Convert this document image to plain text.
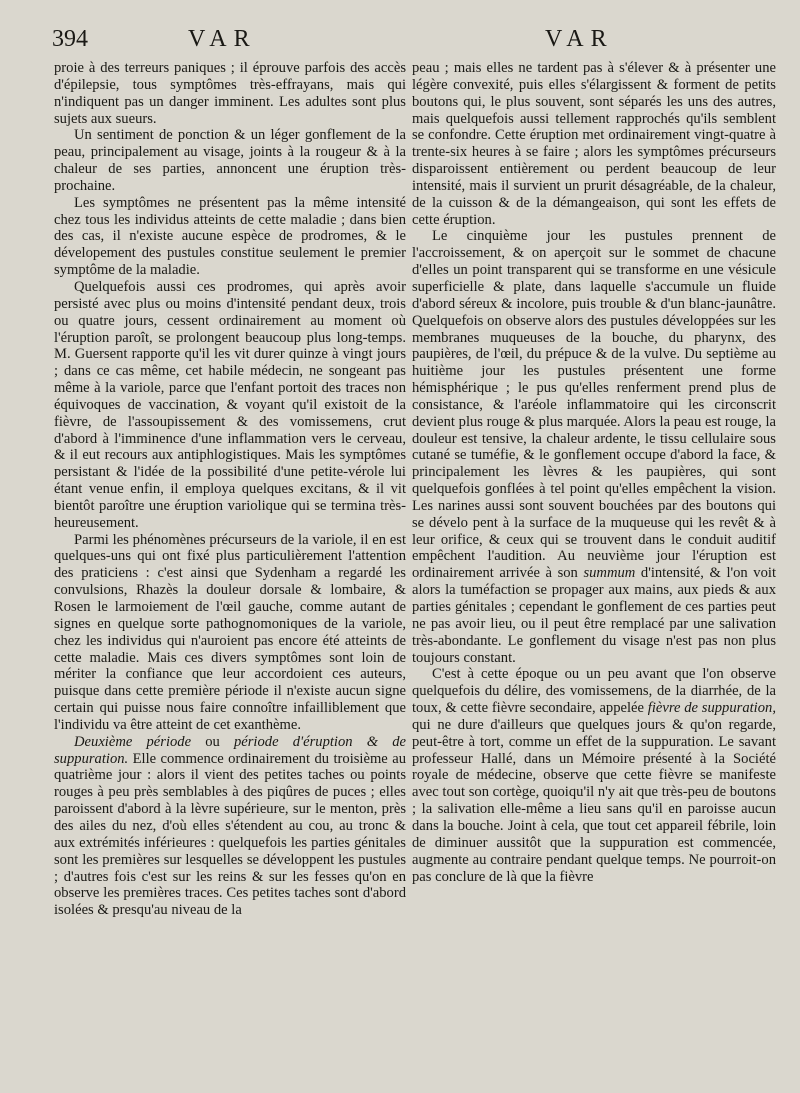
394	VAR	VAR

proie à des terreurs paniques ; il éprouve parfois des accès d'épilepsie, tous symptômes très-effrayans, mais qui n'indiquent pas un danger imminent. Les adultes sont plus sujets aux sueurs.

Un sentiment de ponction & un léger gonflement de la peau, principalement au visage, joints à la rougeur & à la chaleur de ses parties, annoncent une éruption très-prochaine.

Les symptômes ne présentent pas la même intensité chez tous les individus atteints de cette maladie ; dans bien des cas, il n'existe aucune espèce de prodromes, & le dévelopement des pustules constitue seulement le premier symptôme de la maladie.

Quelquefois aussi ces prodromes, qui après avoir persisté avec plus ou moins d'intensité pendant deux, trois ou quatre jours, cessent ordinairement au moment où l'éruption paroît, se prolongent beaucoup plus long-temps. M. Guersent rapporte qu'il les vit durer quinze à vingt jours ; dans ce cas même, cet habile médecin, ne songeant pas même à la variole, parce que l'enfant portoit des traces non équivoques de vaccination, & voyant qu'il existoit de la fièvre, de l'assoupissement & des vomissemens, crut d'abord à l'imminence d'une inflammation vers le cerveau, & il eut recours aux antiphlogistiques. Mais les symptômes persistant & l'idée de la possibilité d'une petite-vérole lui étant venue enfin, il employa quelques excitans, & il vit bientôt paroître une éruption variolique qui se termina très-heureusement.

Parmi les phénomènes précurseurs de la variole, il en est quelques-uns qui ont fixé plus particulièrement l'attention des praticiens : c'est ainsi que Sydenham a regardé les convulsions, Rhazès la douleur dorsale & lombaire, & Rosen le larmoiement de l'œil gauche, comme autant de signes en quelque sorte pathognomoniques de la variole, chez les individus qui n'auroient pas encore été atteints de cette maladie. Mais ces divers symptômes sont loin de mériter la confiance que leur accordoient ces auteurs, puisque dans cette première période il n'existe aucun signe certain qui puisse nous faire connoître infailliblement que l'individu va être atteint de cet exanthème.

Deuxième période ou période d'éruption & de suppuration. Elle commence ordinairement du troisième au quatrième jour : alors il vient des petites taches ou points rouges à peu près semblables à des piqûres de puces ; elles paroissent d'abord à la lèvre supérieure, sur le menton, près des ailes du nez, d'où elles s'étendent au cou, au tronc & aux extrémités inférieures : quelquefois les parties génitales sont les premières sur lesquelles se développent les pustules ; d'autres fois c'est sur les reins & sur les fesses qu'on en observe les premières traces. Ces petites taches sont d'abord isolées & presqu'au niveau de la

peau ; mais elles ne tardent pas à s'élever & à présenter une légère convexité, puis elles s'élargissent & forment de petits boutons qui, le plus souvent, sont séparés les uns des autres, mais quelquefois aussi tellement rapprochés qu'ils semblent se confondre. Cette éruption met ordinairement vingt-quatre à trente-six heures à se faire ; alors les symptômes précurseurs disparoissent entièrement ou perdent beaucoup de leur intensité, mais il survient un prurit désagréable, de la chaleur, de la cuisson & de la démangeaison, qui sont les effets de cette éruption.

Le cinquième jour les pustules prennent de l'accroissement, & on aperçoit sur le sommet de chacune d'elles un point transparent qui se transforme en une vésicule superficielle & plate, dans laquelle s'accumule un fluide d'abord séreux & incolore, puis trouble & d'un blanc-jaunâtre. Quelquefois on observe alors des pustules développées sur les membranes muqueuses de la bouche, du pharynx, des paupières, de l'œil, du prépuce & de la vulve. Du septième au huitième jour les pustules présentent une forme hémisphérique ; le pus qu'elles renferment prend plus de consistance, & l'aréole inflammatoire qui les circonscrit devient plus rouge & plus marquée. Alors la peau est rouge, la douleur est tensive, la chaleur ardente, le tissu cellulaire sous cutané se tuméfie, & le gonflement occupe d'abord la face, & principalement les lèvres & les paupières, qui sont quelquefois gonflées à tel point qu'elles empêchent la vision. Les narines aussi sont souvent bouchées par des boutons qui se dévelo pent à la surface de la muqueuse qui les revêt & à leur orifice, & ceux qui se trouvent dans le conduit auditif empêchent l'audition. Au neuvième jour l'éruption est ordinairement arrivée à son summum d'intensité, & l'on voit alors la tuméfaction se propager aux mains, aux pieds & aux parties génitales ; cependant le gonflement de ces parties peut ne pas avoir lieu, ou il peut être remplacé par une salivation très-abondante. Le gonflement du visage n'est pas non plus toujours constant.

C'est à cette époque ou un peu avant que l'on observe quelquefois du délire, des vomissemens, de la diarrhée, de la toux, & cette fièvre secondaire, appelée fièvre de suppuration, qui ne dure d'ailleurs que quelques jours & qu'on regarde, peut-être à tort, comme un effet de la suppuration. Le savant professeur Hallé, dans un Mémoire présenté à la Société royale de médecine, observe que cette fièvre se manifeste avec tout son cortège, quoiqu'il n'y ait que très-peu de boutons ; la salivation elle-même a lieu sans qu'il en paroisse aucun dans la bouche. Joint à cela, que tout cet appareil fébrile, loin de diminuer aussitôt que la suppuration est commencée, augmente au contraire pendant quelque temps. Ne pourroit-on pas conclure de là que la fièvre
